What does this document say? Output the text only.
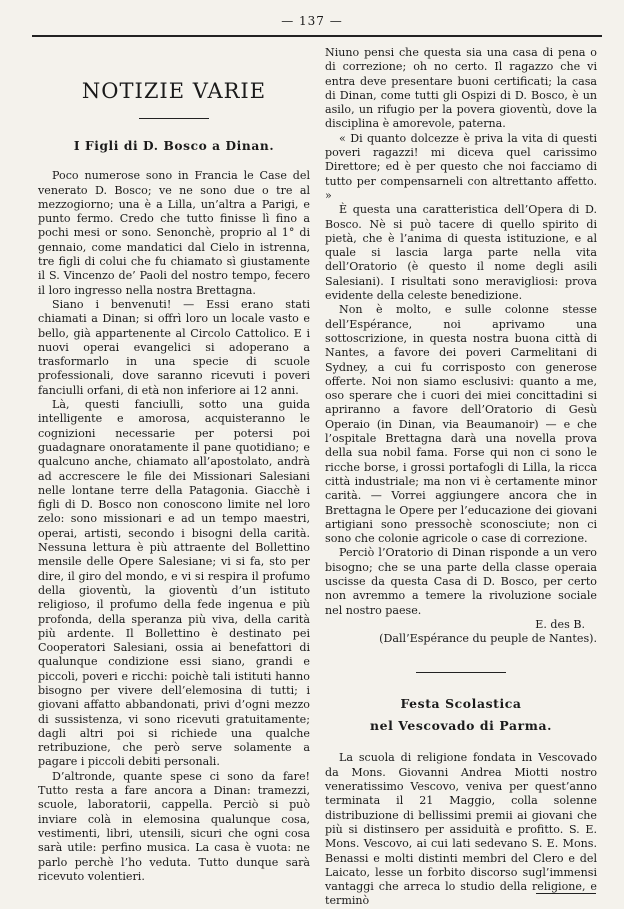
— 137 —
NOTIZIE VARIE
I Figli di D. Bosco a Dinan.

Poco numerose sono in Francia le Case del venerato D. Bosco; ve ne sono due o tre al mezzogiorno; una è a Lilla, un’altra a Parigi, e punto fermo. Credo che tutto finisse lì fino a pochi mesi or sono. Senonchè, proprio al 1° di gennaio, come mandatici dal Cielo in istrenna, tre figli di colui che fu chiamato sì giustamente il S. Vincenzo de’ Paoli del nostro tempo, fecero il loro ingresso nella nostra Brettagna.

Siano i benvenuti! — Essi erano stati chiamati a Dinan; si offrì loro un locale vasto e bello, già appartenente al Circolo Cattolico. E i nuovi operai evangelici si adoperano a trasformarlo in una specie di scuole professionali, dove saranno ricevuti i poveri fanciulli orfani, di età non inferiore ai 12 anni.

Là, questi fanciulli, sotto una guida intelligente e amorosa, acquisteranno le cognizioni necessarie per potersi poi guadagnare onoratamente il pane quotidiano; e qualcuno anche, chiamato all’apostolato, andrà ad accrescere le file dei Missionari Salesiani nelle lontane terre della Patagonia. Giacchè i figli di D. Bosco non conoscono limite nel loro zelo: sono missionari e ad un tempo maestri, operai, artisti, secondo i bisogni della carità. Nessuna lettura è più attraente del Bollettino mensile delle Opere Salesiane; vi si fa, sto per dire, il giro del mondo, e vi si respira il profumo della gioventù, la gioventù d’un istituto religioso, il profumo della fede ingenua e più profonda, della speranza più viva, della carità più ardente. Il Bollettino è destinato pei Cooperatori Salesiani, ossia ai benefattori di qualunque condizione essi siano, grandi e piccoli, poveri e ricchi: poichè tali istituti hanno bisogno per vivere dell’elemosina di tutti; i giovani affatto abbandonati, privi d’ogni mezzo di sussistenza, vi sono ricevuti gratuitamente; dagli altri poi si richiede una qualche retribuzione, che però serve solamente a pagare i piccoli debiti personali.

D’altronde, quante spese ci sono da fare! Tutto resta a fare ancora a Dinan: tramezzi, scuole, laboratorii, cappella. Perciò si può inviare colà in elemosina qualunque cosa, vestimenti, libri, utensili, sicuri che ogni cosa sarà utile: perfino musica. La casa è vuota: ne parlo perchè l’ho veduta. Tutto dunque sarà ricevuto volentieri.

Niuno pensi che questa sia una casa di pena o di correzione; oh no certo. Il ragazzo che vi entra deve presentare buoni certificati; la casa di Dinan, come tutti gli Ospizi di D. Bosco, è un asilo, un rifugio per la povera gioventù, dove la disciplina è amorevole, paterna.

« Di quanto dolcezze è priva la vita di questi poveri ragazzi! mi diceva quel carissimo Direttore; ed è per questo che noi facciamo di tutto per compensarneli con altrettanto affetto. »

È questa una caratteristica dell’Opera di D. Bosco. Nè si può tacere di quello spirito di pietà, che è l’anima di questa istituzione, e al quale si lascia larga parte nella vita dell’Oratorio (è questo il nome degli asili Salesiani). I risultati sono meravigliosi: prova evidente della celeste benedizione.

Non è molto, e sulle colonne stesse dell’Espérance, noi aprivamo una sottoscrizione, in questa nostra buona città di Nantes, a favore dei poveri Carmelitani di Sydney, a cui fu corrisposto con generose offerte. Noi non siamo esclusivi: quanto a me, oso sperare che i cuori dei miei concittadini si apriranno a favore dell’Oratorio di Gesù Operaio (in Dinan, via Beaumanoir) — e che l’ospitale Brettagna darà una novella prova della sua nobil fama. Forse qui non ci sono le ricche borse, i grossi portafogli di Lilla, la ricca città industriale; ma non vi è certamente minor carità. — Vorrei aggiungere ancora che in Brettagna le Opere per l’educazione dei giovani artigiani sono pressochè sconosciute; non ci sono che colonie agricole o case di correzione.

Perciò l’Oratorio di Dinan risponde a un vero bisogno; che se una parte della classe operaia uscisse da questa Casa di D. Bosco, per certo non avremmo a temere la rivoluzione sociale nel nostro paese.

E. des B.

(Dall’Espérance du peuple de Nantes).

Festa Scolastica
nel Vescovado di Parma.

La scuola di religione fondata in Vescovado da Mons. Giovanni Andrea Miotti nostro veneratissimo Vescovo, veniva per quest’anno terminata il 21 Maggio, colla solenne distribuzione di bellissimi premii ai giovani che più si distinsero per assiduità e profitto. S. E. Mons. Vescovo, ai cui lati sedevano S. E. Mons. Benassi e molti distinti membri del Clero e del Laicato, lesse un forbito discorso sugl’immensi vantaggi che arreca lo studio della religione, e terminò
